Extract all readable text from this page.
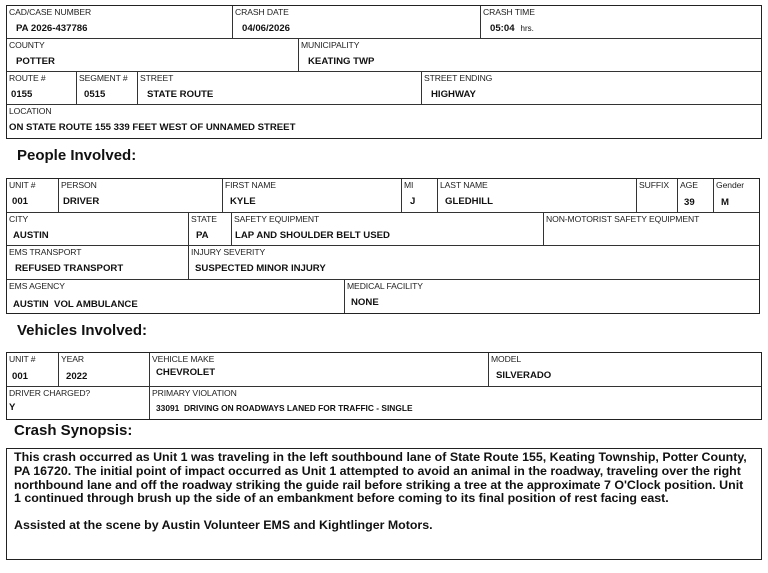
CAD/CASE NUMBER
PA 2026-437786
CRASH DATE
04/06/2026
CRASH TIME
05:04 hrs.
COUNTY
POTTER
MUNICIPALITY
KEATING TWP
ROUTE #
0155
SEGMENT #
0515
STREET
STATE ROUTE
STREET ENDING
HIGHWAY
LOCATION
ON STATE ROUTE 155 339 FEET WEST OF UNNAMED STREET
People Involved:
UNIT #
001
PERSON
DRIVER
FIRST NAME
KYLE
MI
J
LAST NAME
GLEDHILL
SUFFIX AGE
39
Gender
M
CITY
AUSTIN
STATE
PA
SAFETY EQUIPMENT
LAP AND SHOULDER BELT USED
NON-MOTORIST SAFETY EQUIPMENT
EMS TRANSPORT
REFUSED TRANSPORT
INJURY SEVERITY
SUSPECTED MINOR INJURY
EMS AGENCY
AUSTIN  VOL AMBULANCE
MEDICAL FACILITY
NONE
Vehicles Involved:
UNIT #
001
YEAR
2022
VEHICLE MAKE
CHEVROLET
MODEL
SILVERADO
DRIVER CHARGED?
Y
PRIMARY VIOLATION
33091  DRIVING ON ROADWAYS LANED FOR TRAFFIC - SINGLE
Crash Synopsis:

This crash occurred as Unit 1 was traveling in the left southbound lane of State Route 155, Keating Township, Potter County, PA 16720. The initial point of impact occurred as Unit 1 attempted to avoid an animal in the roadway, traveling over the right northbound lane and off the roadway striking the guide rail before striking a tree at the approximate 7 O'Clock position. Unit 1 continued through brush up the side of an embankment before coming to its final position of rest facing east.

Assisted at the scene by Austin Volunteer EMS and Kightlinger Motors.
